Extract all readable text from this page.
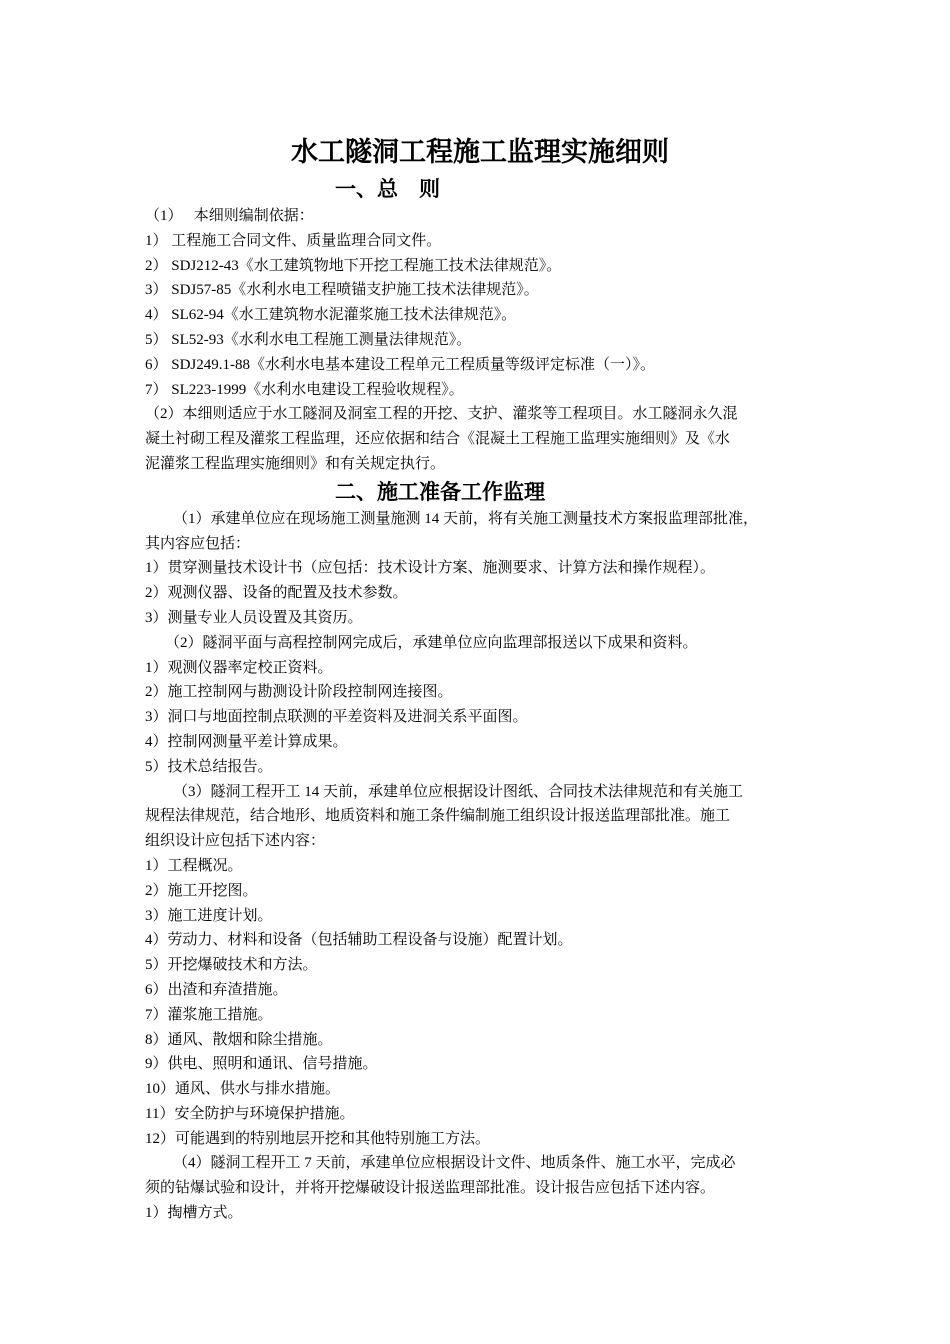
水工隧洞工程施工监理实施细则
一、总    则
（1）   本细则编制依据：
1） 工程施工合同文件、质量监理合同文件。
2） SDJ212-43《水工建筑物地下开挖工程施工技术法律规范》。
3） SDJ57-85《水利水电工程喷锚支护施工技术法律规范》。
4） SL62-94《水工建筑物水泥灌浆施工技术法律规范》。
5） SL52-93《水利水电工程施工测量法律规范》。
6） SDJ249.1-88《水利水电基本建设工程单元工程质量等级评定标准（一）》。
7） SL223-1999《水利水电建设工程验收规程》。
（2）本细则适应于水工隧洞及洞室工程的开挖、支护、灌浆等工程项目。水工隧洞永久混
凝土衬砌工程及灌浆工程监理，还应依据和结合《混凝土工程施工监理实施细则》及《水
泥灌浆工程监理实施细则》和有关规定执行。
二、施工准备工作监理
（1）承建单位应在现场施工测量施测 14 天前，将有关施工测量技术方案报监理部批准，
其内容应包括：
1）贯穿测量技术设计书（应包括：技术设计方案、施测要求、计算方法和操作规程）。
2）观测仪器、设备的配置及技术参数。
3）测量专业人员设置及其资历。
（2）隧洞平面与高程控制网完成后，承建单位应向监理部报送以下成果和资料。
1）观测仪器率定校正资料。
2）施工控制网与勘测设计阶段控制网连接图。
3）洞口与地面控制点联测的平差资料及进洞关系平面图。
4）控制网测量平差计算成果。
5）技术总结报告。
（3）隧洞工程开工 14 天前，承建单位应根据设计图纸、合同技术法律规范和有关施工
规程法律规范，结合地形、地质资料和施工条件编制施工组织设计报送监理部批准。施工
组织设计应包括下述内容：
1）工程概况。
2）施工开挖图。
3）施工进度计划。
4）劳动力、材料和设备（包括辅助工程设备与设施）配置计划。
5）开挖爆破技术和方法。
6）出渣和弃渣措施。
7）灌浆施工措施。
8）通风、散烟和除尘措施。
9）供电、照明和通讯、信号措施。
10）通风、供水与排水措施。
11）安全防护与环境保护措施。
12）可能遇到的特别地层开挖和其他特别施工方法。
（4）隧洞工程开工 7 天前，承建单位应根据设计文件、地质条件、施工水平，完成必
须的钻爆试验和设计，并将开挖爆破设计报送监理部批准。设计报告应包括下述内容。
1）掏槽方式。
